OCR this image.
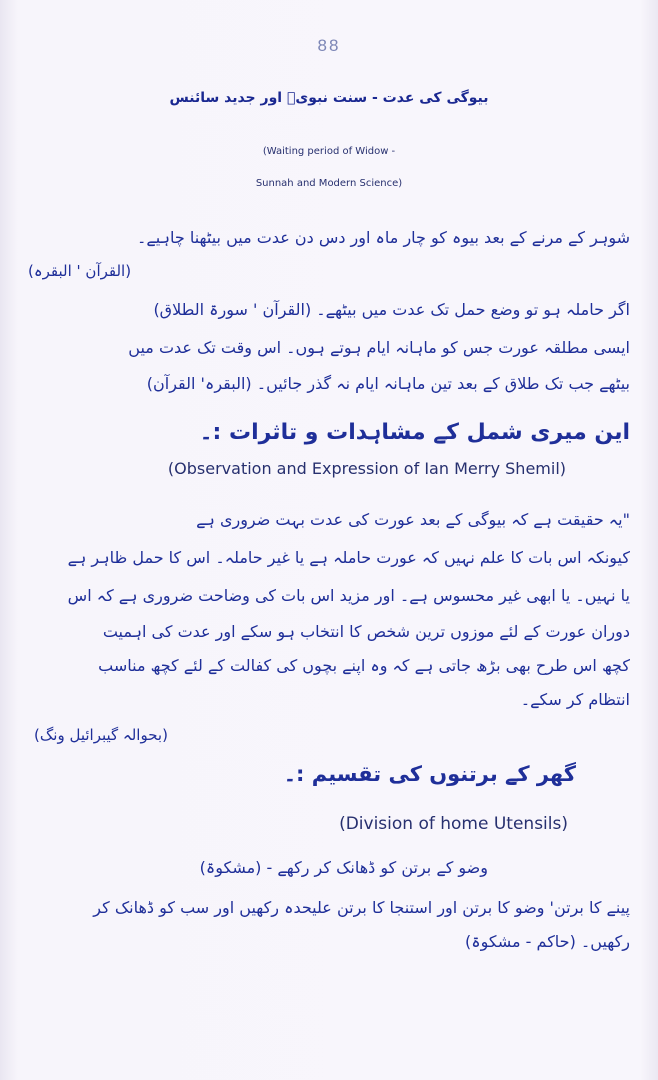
88
بیوگی کی عدت - سنت نبویؐ اور جدید سائنس
(Waiting period of Widow -
Sunnah and Modern Science)
شوہر کے مرنے کے بعد بیوہ کو چار ماہ اور دس دن عدت میں بیٹھنا چاہیے۔
(القرآن ' البقرہ)
اگر حاملہ ہو تو وضع حمل تک عدت میں بیٹھے۔ (القرآن ' سورۃ الطلاق)
ایسی مطلقہ عورت جس کو ماہانہ ایام ہوتے ہوں۔ اس وقت تک عدت میں
بیٹھے جب تک طلاق کے بعد تین ماہانہ ایام نہ گذر جائیں۔ (البقرہ' القرآن)
این میری شمل کے مشاہدات و تاثرات :۔
(Observation and Expression of Ian Merry Shemil)
"یہ حقیقت ہے کہ بیوگی کے بعد عورت کی عدت بہت ضروری ہے
کیونکہ اس بات کا علم نہیں کہ عورت حاملہ ہے یا غیر حاملہ۔ اس کا حمل ظاہر ہے
یا نہیں۔ یا ابھی غیر محسوس ہے۔ اور مزید اس بات کی وضاحت ضروری ہے کہ اس
دوران عورت کے لئے موزوں ترین شخص کا انتخاب ہو سکے اور عدت کی اہمیت
کچھ اس طرح بھی بڑھ جاتی ہے کہ وہ اپنے بچوں کی کفالت کے لئے کچھ مناسب
انتظام کر سکے۔
(بحوالہ گیبرائیل ونگ)
گھر کے برتنوں کی تقسیم :۔
(Division of home Utensils)
وضو کے برتن کو ڈھانک کر رکھے - (مشکوۃ)
پینے کا برتن' وضو کا برتن اور استنجا کا برتن علیحدہ رکھیں اور سب کو ڈھانک کر
رکھیں۔ (حاکم - مشکوۃ)
